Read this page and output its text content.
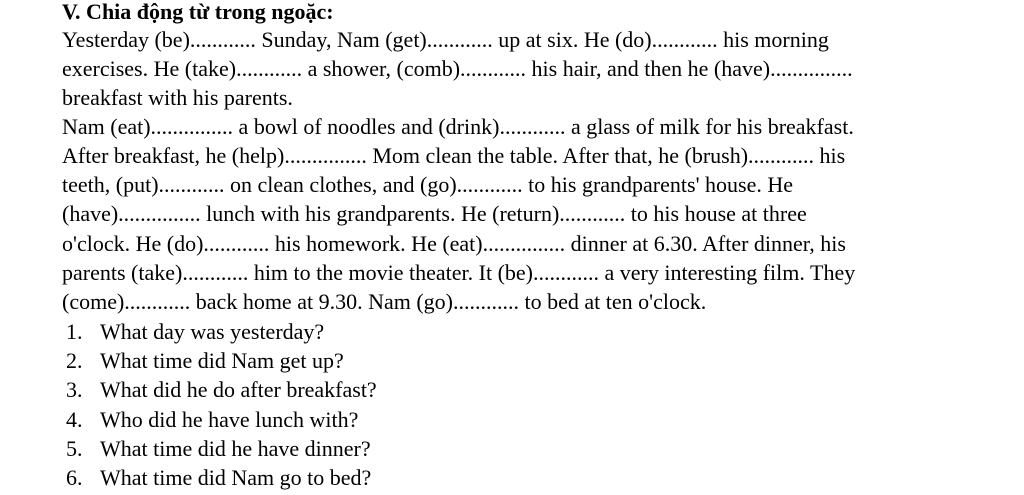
V. Chia động từ trong ngoặc:
Yesterday (be)............ Sunday, Nam (get)............ up at six. He (do)............ his morning
exercises. He (take)............ a shower, (comb)............ his hair, and then he (have)...............
breakfast with his parents.
Nam (eat)............... a bowl of noodles and (drink)............ a glass of milk for his breakfast.
After breakfast, he (help)............... Mom clean the table. After that, he (brush)............ his
teeth, (put)............ on clean clothes, and (go)............ to his grandparents' house. He
(have)............... lunch with his grandparents. He (return)............ to his house at three
o'clock. He (do)............ his homework. He (eat)............... dinner at 6.30. After dinner, his
parents (take)............ him to the movie theater. It (be)............ a very interesting film. They
(come)............ back home at 9.30. Nam (go)............ to bed at ten o'clock.
1. What day was yesterday?
2. What time did Nam get up?
3. What did he do after breakfast?
4. Who did he have lunch with?
5. What time did he have dinner?
6. What time did Nam go to bed?
